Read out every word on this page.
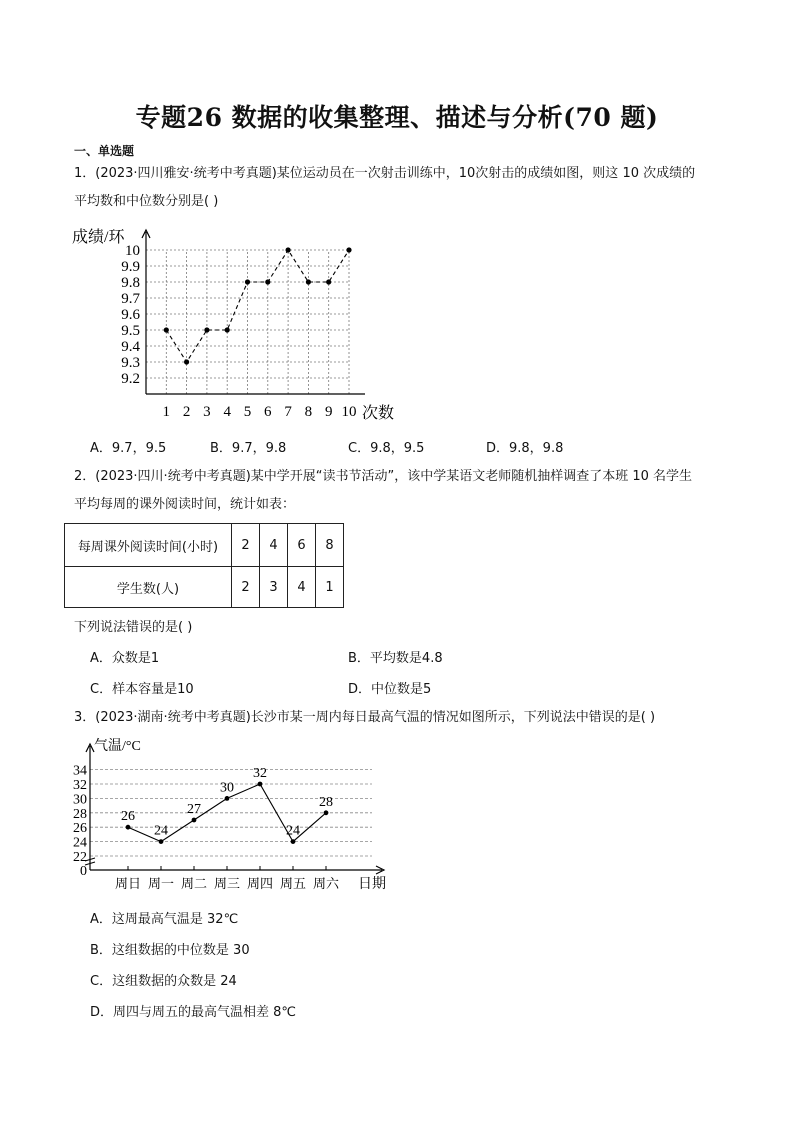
专题26 数据的收集整理、描述与分析(70 题)
一、单选题
1．(2023·四川雅安·统考中考真题)某位运动员在一次射击训练中，10次射击的成绩如图，则这 10 次成绩的
平均数和中位数分别是( )
9.2
9.3
9.4
9.5
9.6
9.7
9.8
9.9
10
1 2 3 4 5 6 7 8 9 10
成绩/环
次数
A．9.7，9.5	B．9.7，9.8	C．9.8，9.5	D．9.8，9.8
2．(2023·四川·统考中考真题)某中学开展“读书节活动”，该中学某语文老师随机抽样调查了本班 10 名学生
平均每周的课外阅读时间，统计如表：
每周课外阅读时间(小时)	2	4	6	8
学生数(人)	2	3	4	1
下列说法错误的是( )
A．众数是1	B．平均数是4.8
C．样本容量是10	D．中位数是5
3．(2023·湖南·统考中考真题)长沙市某一周内每日最高气温的情况如图所示，下列说法中错误的是( )
0
22
24
26
28
30
32
34
周日 周一 周二 周三 周四 周五 周六
26
24
27
30
32
24
28
气温/°C
日期
A．这周最高气温是 32℃
B．这组数据的中位数是 30
C．这组数据的众数是 24
D．周四与周五的最高气温相差 8℃
